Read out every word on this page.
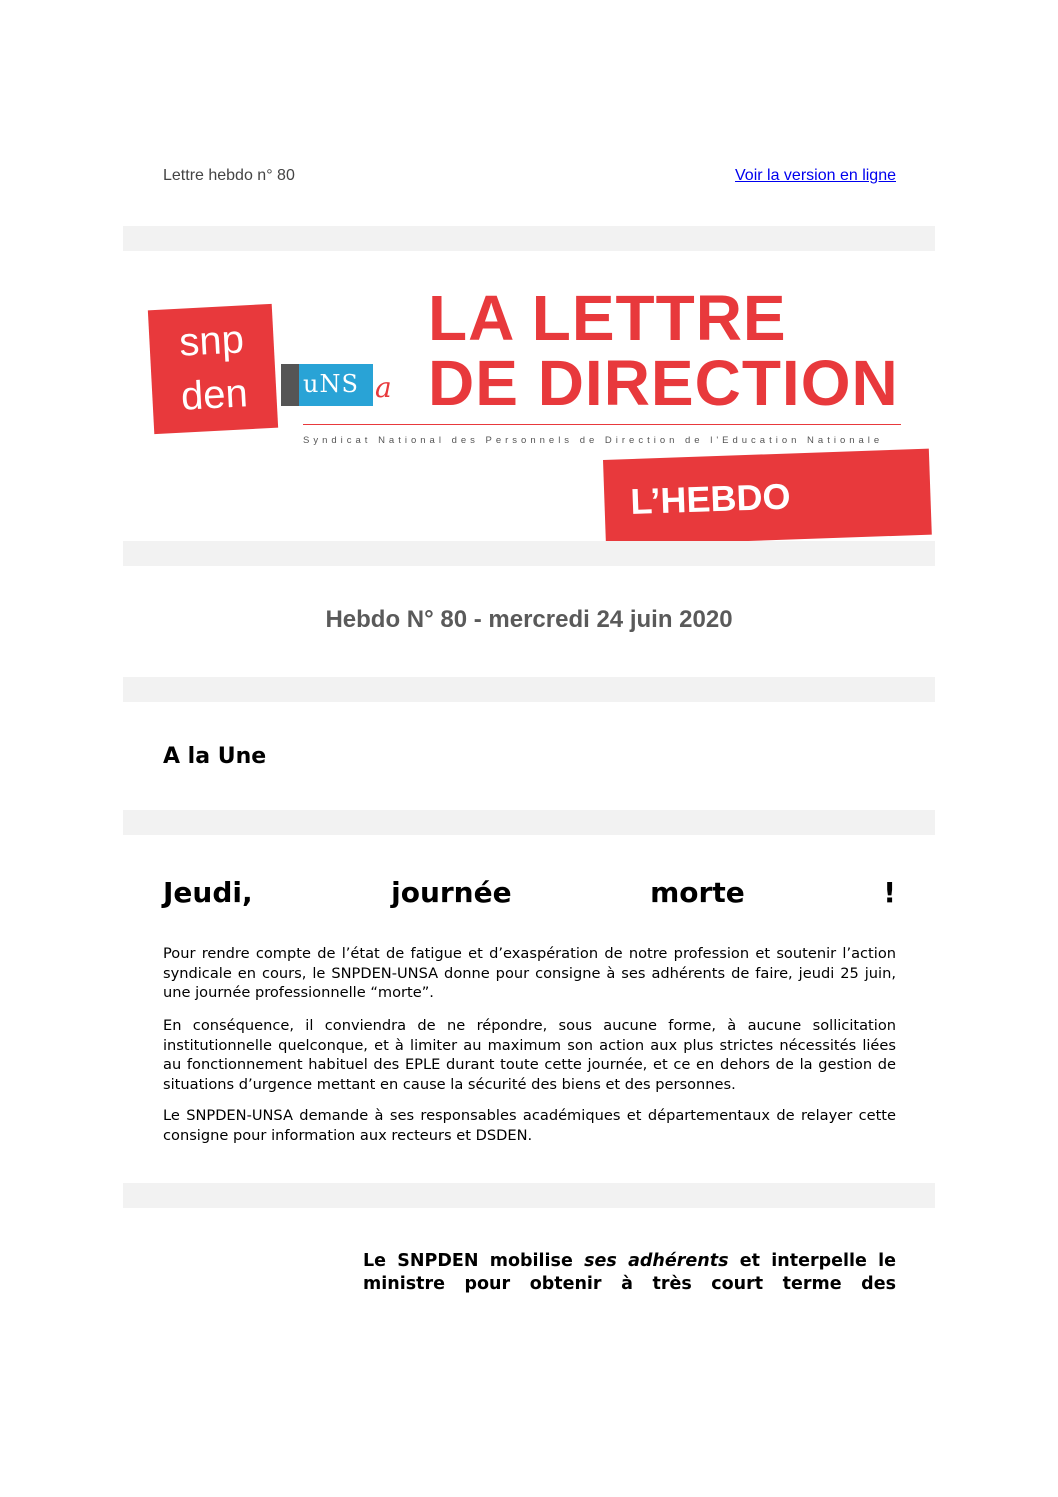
Lettre hebdo n° 80	Voir la version en ligne
snp
den	uNS a
LA LETTRE
DE DIRECTION
Syndicat National des Personnels de Direction de l'Education Nationale
L’HEBDO
Hebdo N° 80 - mercredi 24 juin 2020
A la Une
Jeudi,	journée	morte	!
Pour rendre compte de l’état de fatigue et d’exaspération de notre profession et soutenir l’action syndicale en cours, le SNPDEN-UNSA donne pour consigne à ses adhérents de faire, jeudi 25 juin, une journée professionnelle “morte”.
En conséquence, il conviendra de ne répondre, sous aucune forme, à aucune sollicitation institutionnelle quelconque, et à limiter au maximum son action aux plus strictes nécessités liées au fonctionnement habituel des EPLE durant toute cette journée, et ce en dehors de la gestion de situations d’urgence mettant en cause la sécurité des biens et des personnes.
Le SNPDEN-UNSA demande à ses responsables académiques et départementaux de relayer cette consigne pour information aux recteurs et DSDEN.
Le SNPDEN mobilise ses adhérents et interpelle le ministre pour obtenir à très court terme des
